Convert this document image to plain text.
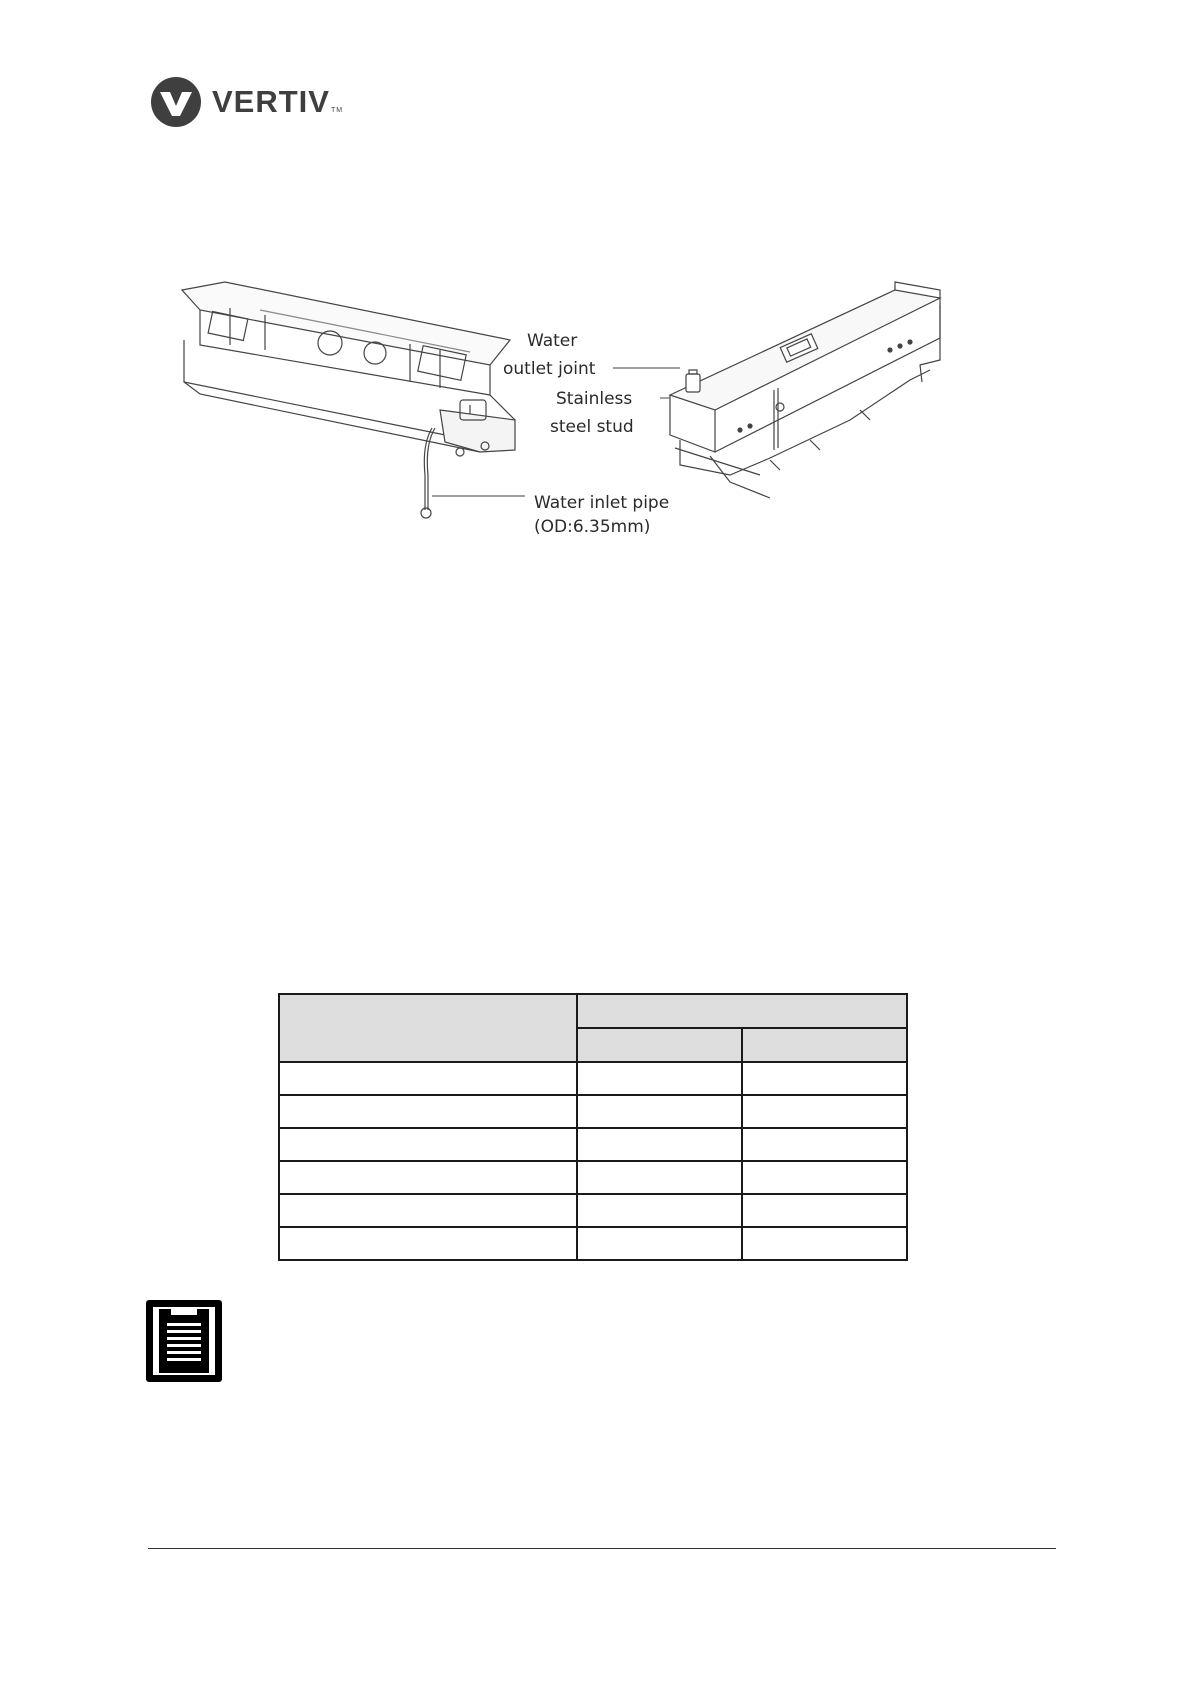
VERTIVTM
Water
outlet joint
Stainless
steel stud
Water inlet pipe
(OD:6.35mm)
